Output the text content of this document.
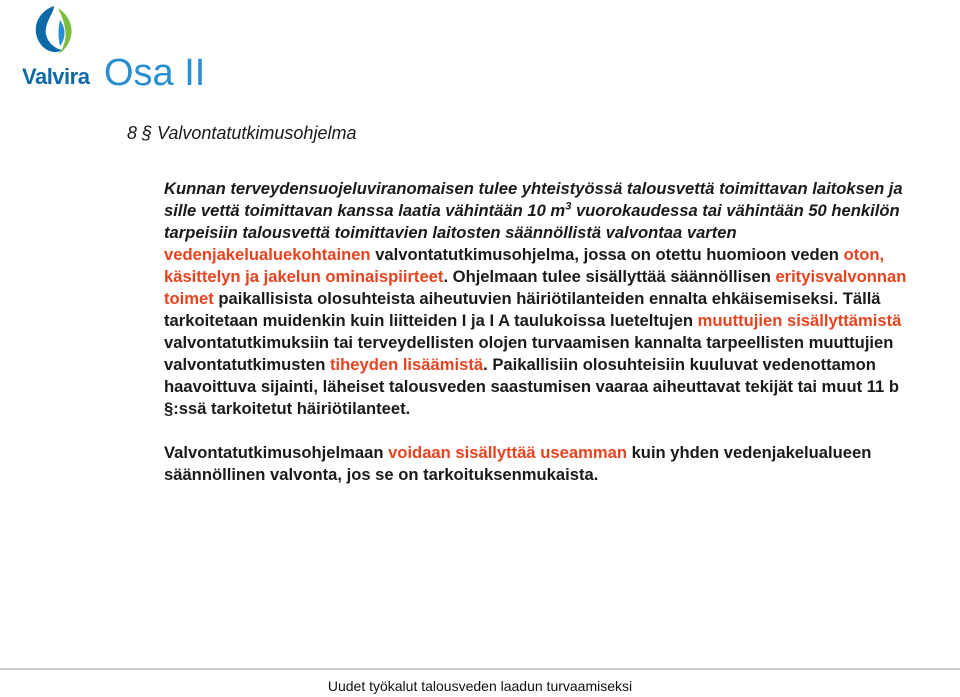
Valvira Osa II
8 § Valvontatutkimusohjelma

Kunnan terveydensuojeluviranomaisen tulee yhteistyössä talousvettä toimittavan laitoksen ja sille vettä toimittavan kanssa laatia vähintään 10 $m^3$ vuorokaudessa tai vähintään 50 henkilön tarpeisiin talousvettä toimittavien laitosten säännöllistä valvontaa varten vedenjakelualuekohtainen valvontatutkimusohjelma, jossa on otettu huomioon veden oton, käsittelyn ja jakelun ominaispiirteet. Ohjelmaan tulee sisällyttää säännöllisen erityisvalvonnan toimet paikallisista olosuhteista aiheutuvien häiriötilanteiden ennalta ehkäisemiseksi. Tällä tarkoitetaan muidenkin kuin liitteiden I ja I A taulukoissa lueteltujen muuttujien sisällyttämistä valvontatutkimuksiin tai terveydellisten olojen turvaamisen kannalta tarpeellisten muuttujien valvontatutkimusten tiheyden lisäämistä. Paikallisiin olosuhteisiin kuuluvat vedenottamon haavoittuva sijainti, läheiset talousveden saastumisen vaaraa aiheuttavat tekijät tai muut 11 b §:ssä tarkoitetut häiriötilanteet.

Valvontatutkimusohjelmaan voidaan sisällyttää useamman kuin yhden vedenjakelualueen säännöllinen valvonta, jos se on tarkoituksenmukaista.

Uudet työkalut talousveden laadun turvaamiseksi
